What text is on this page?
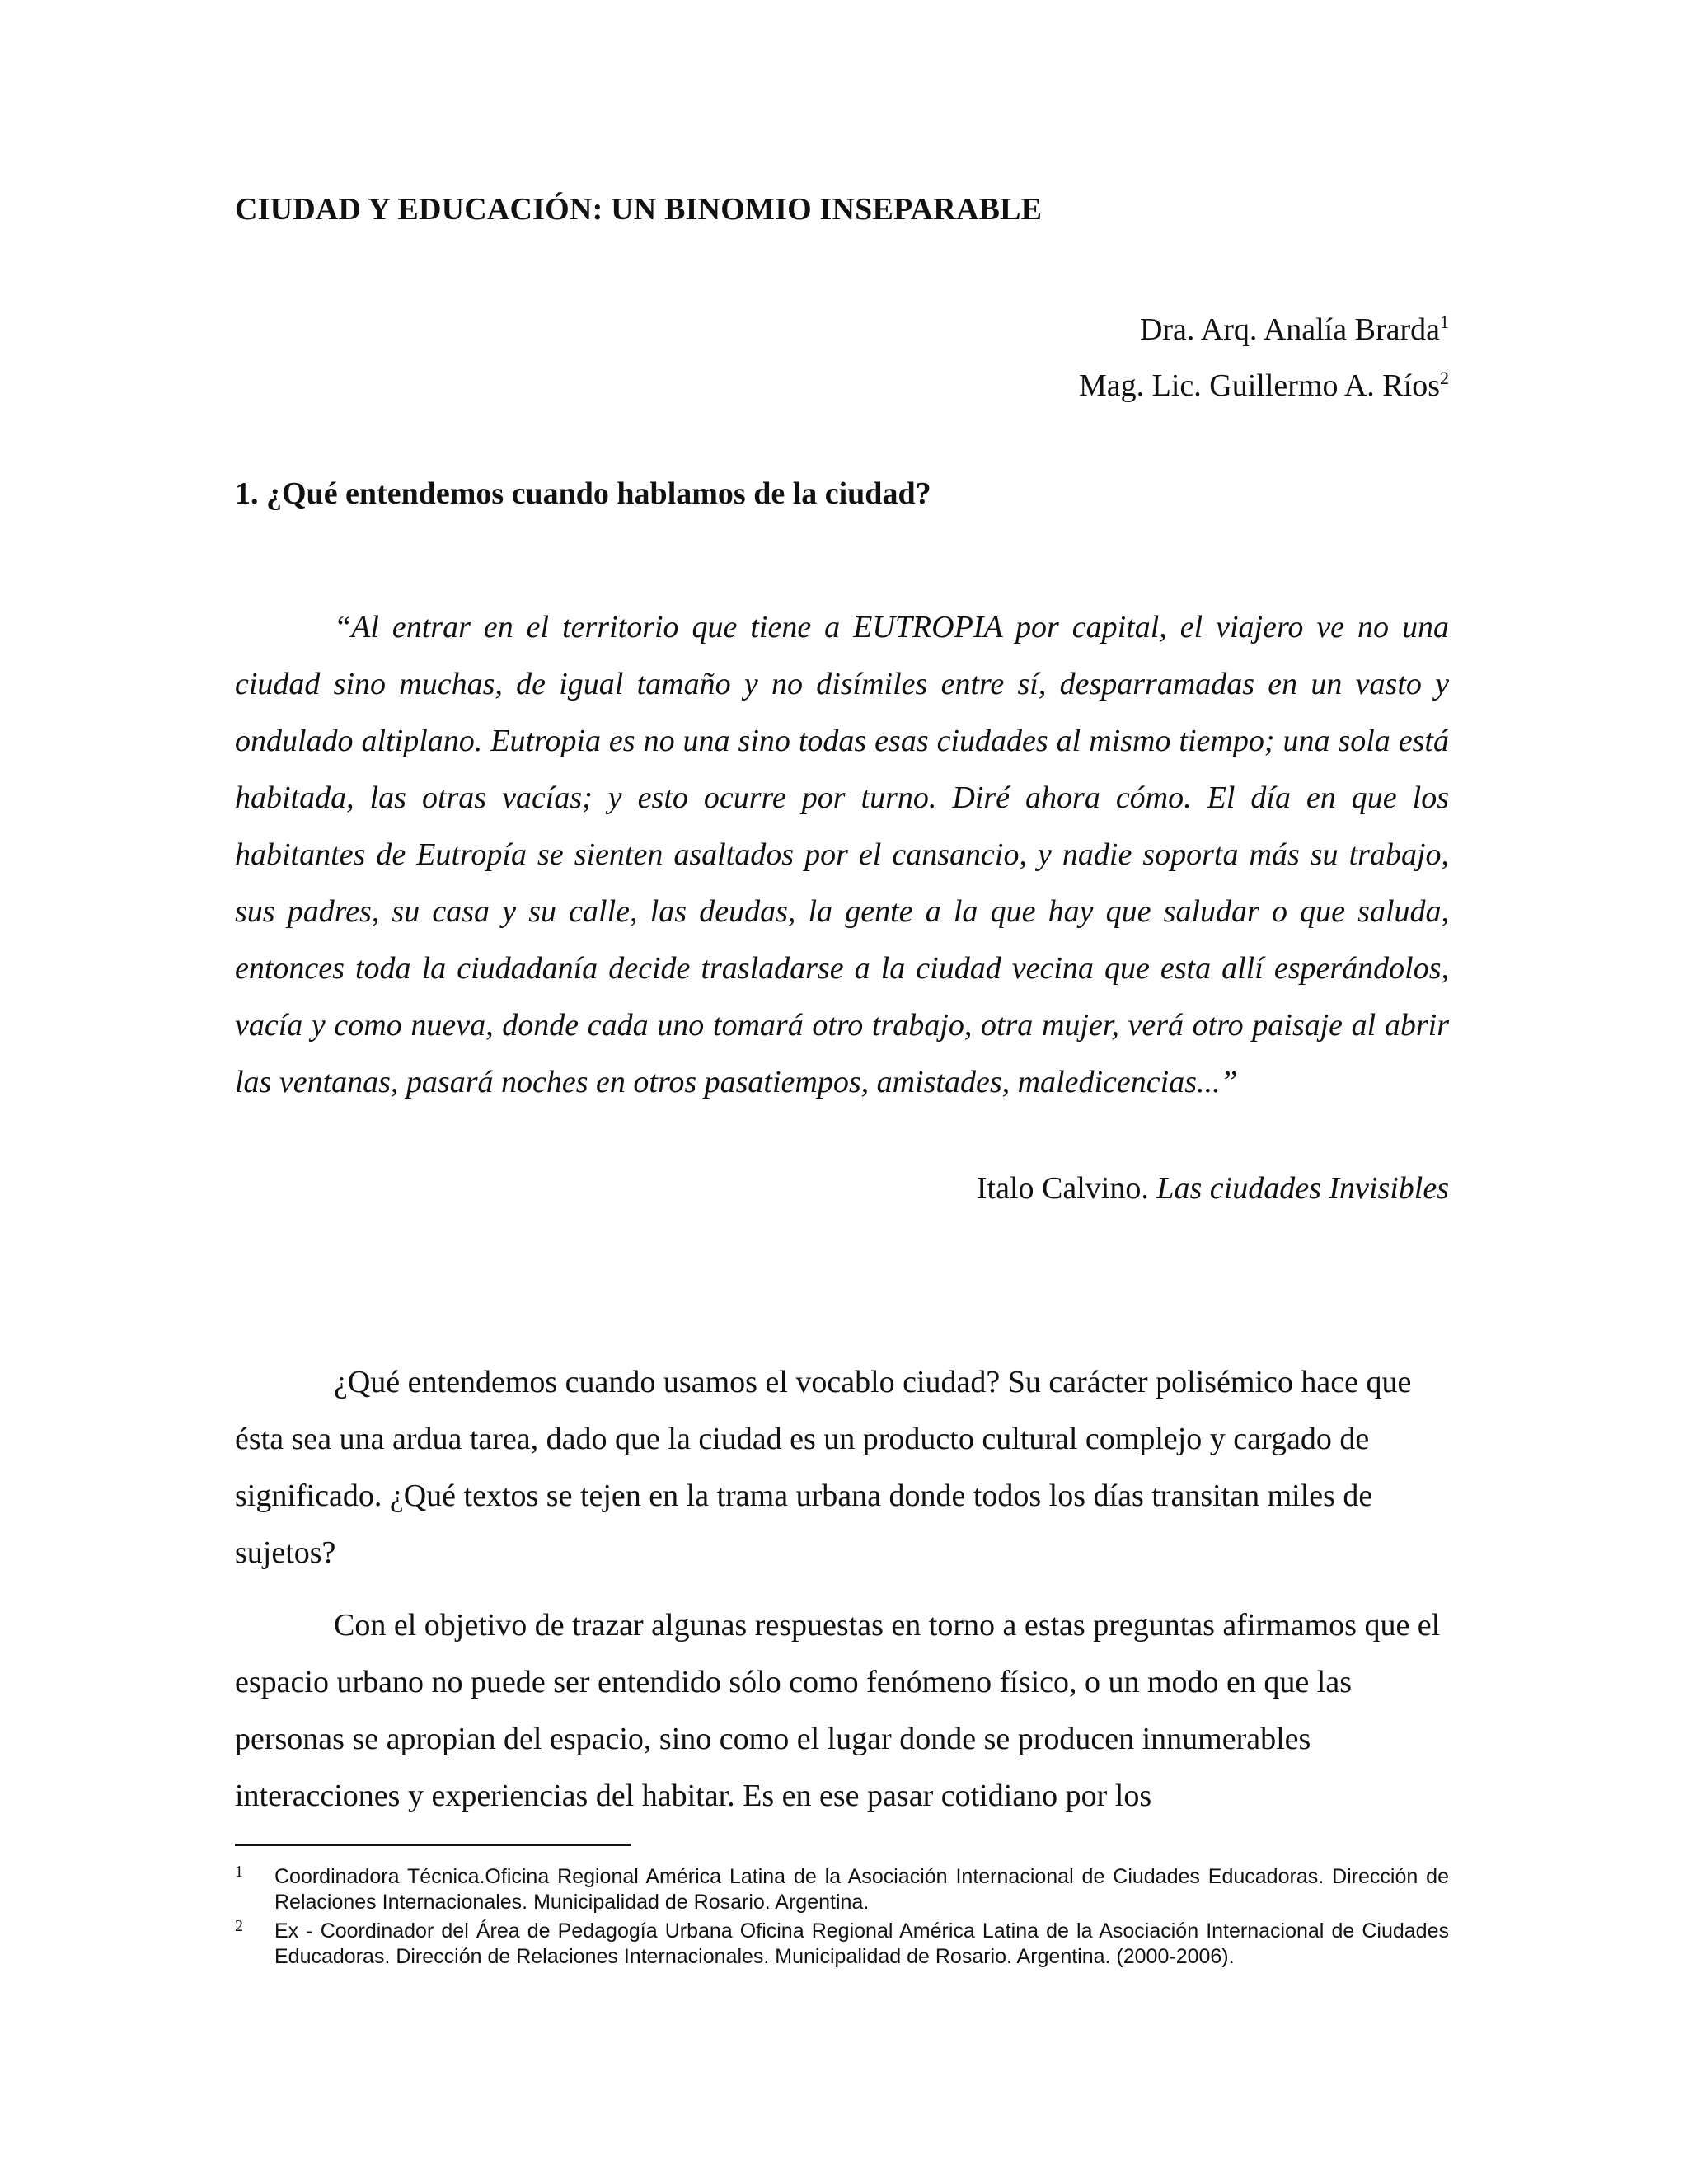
CIUDAD Y EDUCACIÓN: UN BINOMIO INSEPARABLE
Dra. Arq. Analía Brarda$^1$
Mag. Lic. Guillermo A. Ríos$^2$
1. ¿Qué entendemos cuando hablamos de la ciudad?

“Al entrar en el territorio que tiene a EUTROPIA por capital, el viajero ve no una ciudad sino muchas, de igual tamaño y no disímiles entre sí, desparramadas en un vasto y ondulado altiplano. Eutropia es no una sino todas esas ciudades al mismo tiempo; una sola está habitada, las otras vacías; y esto ocurre por turno. Diré ahora cómo. El día en que los habitantes de Eutropía se sienten asaltados por el cansancio, y nadie soporta más su trabajo, sus padres, su casa y su calle, las deudas, la gente a la que hay que saludar o que saluda, entonces toda la ciudadanía decide trasladarse a la ciudad vecina que esta allí esperándolos, vacía y como nueva, donde cada uno tomará otro trabajo, otra mujer, verá otro paisaje al abrir las ventanas, pasará noches en otros pasatiempos, amistades, maledicencias...”

Italo Calvino. Las ciudades Invisibles

¿Qué entendemos cuando usamos el vocablo ciudad? Su carácter polisémico hace que ésta sea una ardua tarea, dado que la ciudad es un producto cultural complejo y cargado de significado. ¿Qué textos se tejen en la trama urbana donde todos los días transitan miles de sujetos?

Con el objetivo de trazar algunas respuestas en torno a estas preguntas afirmamos que el espacio urbano no puede ser entendido sólo como fenómeno físico, o un modo en que las personas se apropian del espacio, sino como el lugar donde se producen innumerables interacciones y experiencias del habitar. Es en ese pasar cotidiano por los

1 Coordinadora Técnica.Oficina Regional América Latina de la Asociación Internacional de Ciudades Educadoras. Dirección de Relaciones Internacionales. Municipalidad de Rosario. Argentina.
2 Ex - Coordinador del Área de Pedagogía Urbana Oficina Regional América Latina de la Asociación Internacional de Ciudades Educadoras. Dirección de Relaciones Internacionales. Municipalidad de Rosario. Argentina. (2000-2006).
